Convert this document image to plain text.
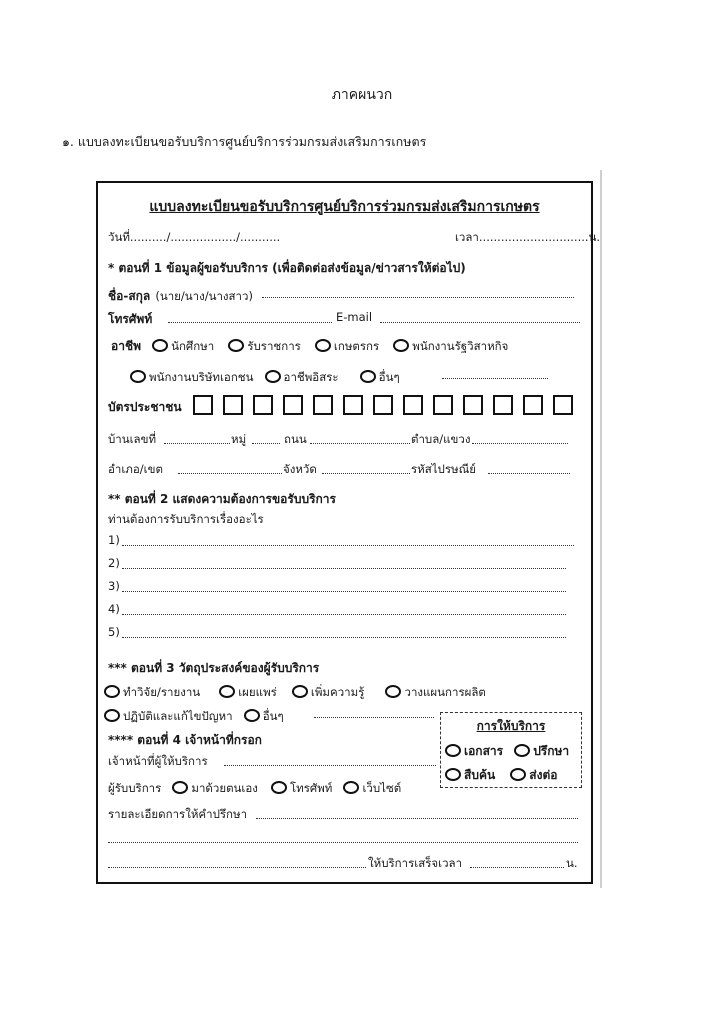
ภาคผนวก
๑. แบบลงทะเบียนขอรับบริการศูนย์บริการร่วมกรมส่งเสริมการเกษตร
แบบลงทะเบียนขอรับบริการศูนย์บริการร่วมกรมส่งเสริมการเกษตร
วันที่........../................../...........	เวลา..............................น.
* ตอนที่ 1 ข้อมูลผู้ขอรับบริการ (เพื่อติดต่อส่งข้อมูล/ข่าวสารให้ต่อไป)
ชื่อ-สกุล (นาย/นาง/นางสาว)
โทรศัพท์	E-mail
อาชีพ	นักศึกษา	รับราชการ	เกษตรกร	พนักงานรัฐวิสาหกิจ
พนักงานบริษัทเอกชน	อาชีพอิสระ	อื่นๆ
บัตรประชาชน
บ้านเลขที่	หมู่	ถนน	ตำบล/แขวง
อำเภอ/เขต	จังหวัด	รหัสไปรษณีย์
** ตอนที่ 2 แสดงความต้องการขอรับบริการ
ท่านต้องการรับบริการเรื่องอะไร
1)
2)
3)
4)
5)
*** ตอนที่ 3 วัตถุประสงค์ของผู้รับบริการ
ทำวิจัย/รายงาน	เผยแพร่	เพิ่มความรู้	วางแผนการผลิต
ปฏิบัติและแก้ไขปัญหา	อื่นๆ
การให้บริการ
เอกสาร	ปรึกษา
สืบค้น	ส่งต่อ
**** ตอนที่ 4 เจ้าหน้าที่กรอก
เจ้าหน้าที่ผู้ให้บริการ
ผู้รับบริการ	มาด้วยตนเอง	โทรศัพท์	เว็บไซต์
รายละเอียดการให้คำปรึกษา
ให้บริการเสร็จเวลา	น.
